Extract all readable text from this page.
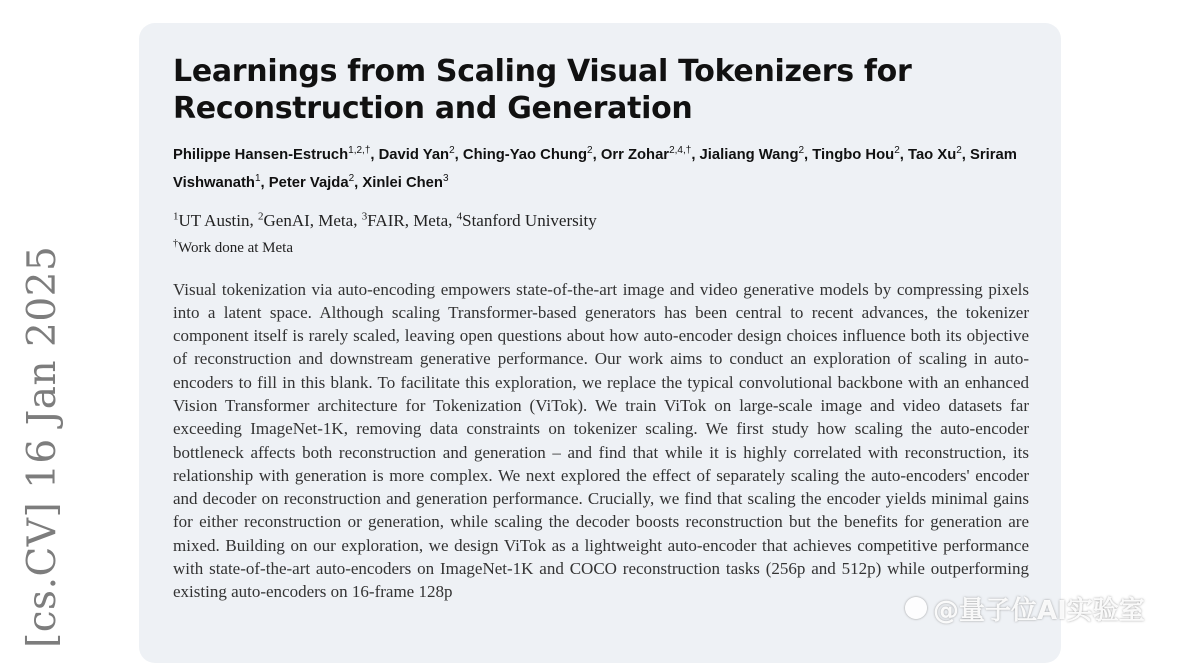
[cs.CV] 16 Jan 2025
Learnings from Scaling Visual Tokenizers for Reconstruction and Generation
Philippe Hansen-Estruch$^{1,2,\dagger}$, David Yan$^2$, Ching-Yao Chung$^2$, Orr Zohar$^{2,4,\dagger}$, Jialiang Wang$^2$, Tingbo Hou$^2$, Tao Xu$^2$, Sriram Vishwanath$^1$, Peter Vajda$^2$, Xinlei Chen$^3$
$^1$UT Austin, $^2$GenAI, Meta, $^3$FAIR, Meta, $^4$Stanford University
†Work done at Meta
Visual tokenization via auto-encoding empowers state-of-the-art image and video generative models by compressing pixels into a latent space. Although scaling Transformer-based generators has been central to recent advances, the tokenizer component itself is rarely scaled, leaving open questions about how auto-encoder design choices influence both its objective of reconstruction and downstream generative performance. Our work aims to conduct an exploration of scaling in auto-encoders to fill in this blank. To facilitate this exploration, we replace the typical convolutional backbone with an enhanced Vision Transformer architecture for Tokenization (ViTok). We train ViTok on large-scale image and video datasets far exceeding ImageNet-1K, removing data constraints on tokenizer scaling. We first study how scaling the auto-encoder bottleneck affects both reconstruction and generation – and find that while it is highly correlated with reconstruction, its relationship with generation is more complex. We next explored the effect of separately scaling the auto-encoders' encoder and decoder on reconstruction and generation performance. Crucially, we find that scaling the encoder yields minimal gains for either reconstruction or generation, while scaling the decoder boosts reconstruction but the benefits for generation are mixed. Building on our exploration, we design ViTok as a lightweight auto-encoder that achieves competitive performance with state-of-the-art auto-encoders on ImageNet-1K and COCO reconstruction tasks (256p and 512p) while outperforming existing auto-encoders on 16-frame 128p
@量子位AI实验室
